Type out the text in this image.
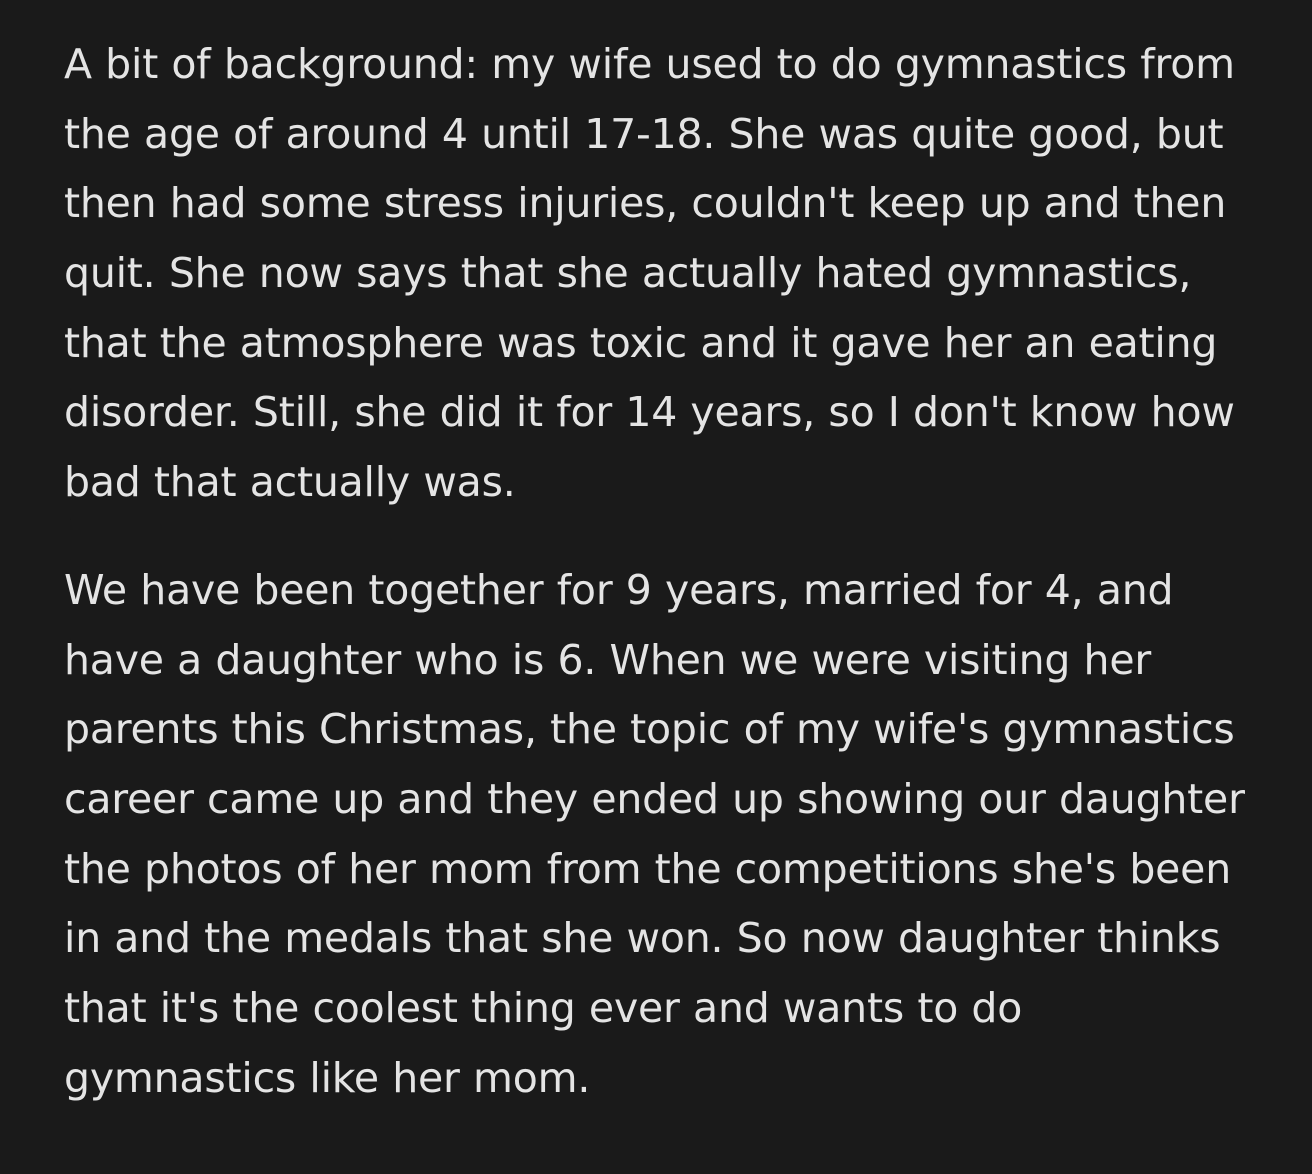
A bit of background: my wife used to do gymnastics from the age of around 4 until 17-18. She was quite good, but then had some stress injuries, couldn't keep up and then quit. She now says that she actually hated gymnastics, that the atmosphere was toxic and it gave her an eating disorder. Still, she did it for 14 years, so I don't know how bad that actually was.

We have been together for 9 years, married for 4, and have a daughter who is 6. When we were visiting her parents this Christmas, the topic of my wife's gymnastics career came up and they ended up showing our daughter the photos of her mom from the competitions she's been in and the medals that she won. So now daughter thinks that it's the coolest thing ever and wants to do gymnastics like her mom.
